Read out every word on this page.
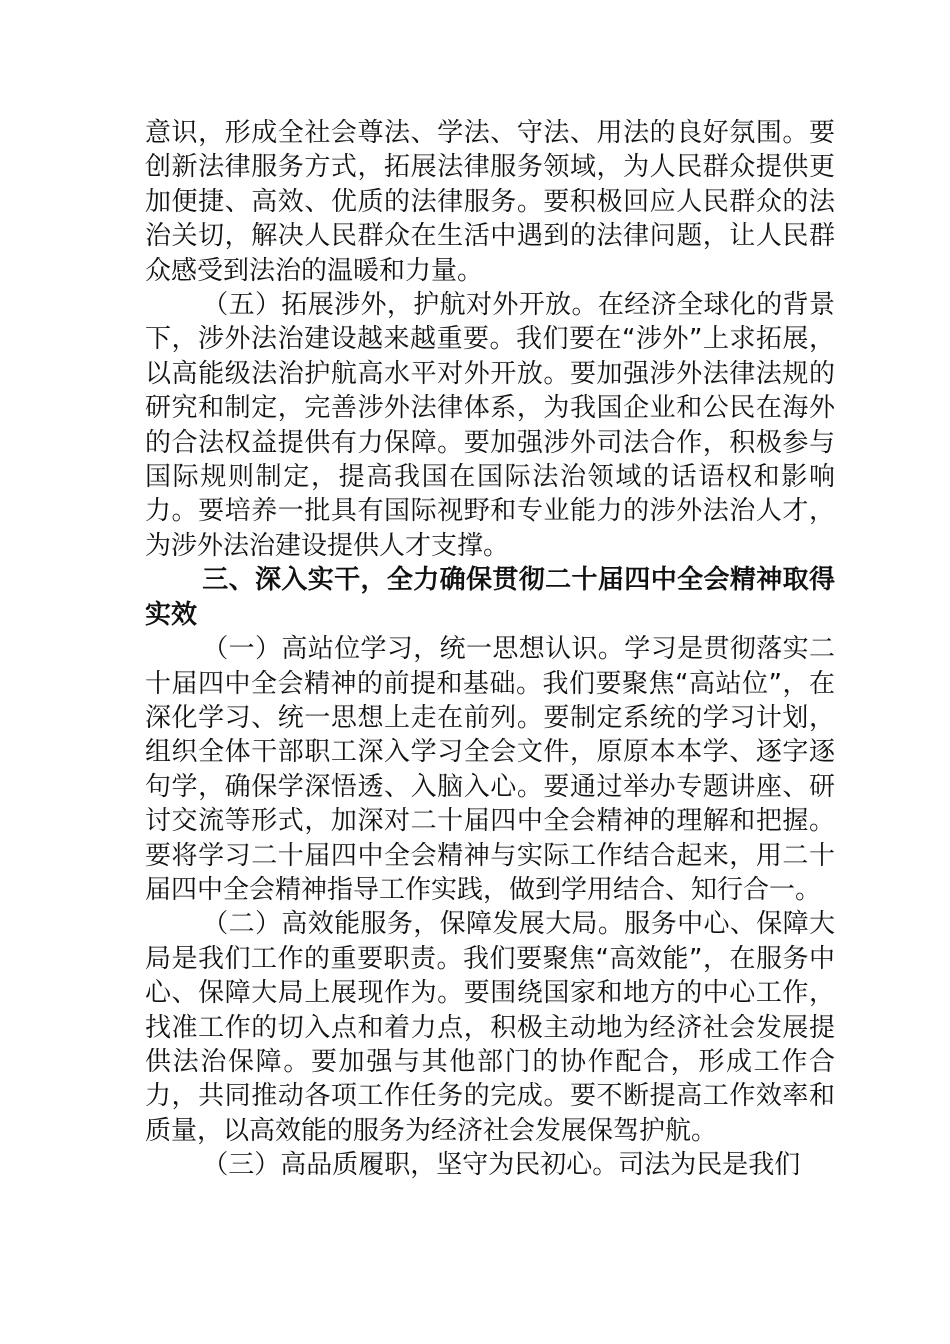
意识，形成全社会尊法、学法、守法、用法的良好氛围。要创新法律服务方式，拓展法律服务领域，为人民群众提供更加便捷、高效、优质的法律服务。要积极回应人民群众的法治关切，解决人民群众在生活中遇到的法律问题，让人民群众感受到法治的温暖和力量。

（五）拓展涉外，护航对外开放。在经济全球化的背景下，涉外法治建设越来越重要。我们要在“涉外”上求拓展，以高能级法治护航高水平对外开放。要加强涉外法律法规的研究和制定，完善涉外法律体系，为我国企业和公民在海外的合法权益提供有力保障。要加强涉外司法合作，积极参与国际规则制定，提高我国在国际法治领域的话语权和影响力。要培养一批具有国际视野和专业能力的涉外法治人才，为涉外法治建设提供人才支撑。

三、深入实干，全力确保贯彻二十届四中全会精神取得实效

（一）高站位学习，统一思想认识。学习是贯彻落实二十届四中全会精神的前提和基础。我们要聚焦“高站位”，在深化学习、统一思想上走在前列。要制定系统的学习计划，组织全体干部职工深入学习全会文件，原原本本学、逐字逐句学，确保学深悟透、入脑入心。要通过举办专题讲座、研讨交流等形式，加深对二十届四中全会精神的理解和把握。要将学习二十届四中全会精神与实际工作结合起来，用二十届四中全会精神指导工作实践，做到学用结合、知行合一。

（二）高效能服务，保障发展大局。服务中心、保障大局是我们工作的重要职责。我们要聚焦“高效能”，在服务中心、保障大局上展现作为。要围绕国家和地方的中心工作，找准工作的切入点和着力点，积极主动地为经济社会发展提供法治保障。要加强与其他部门的协作配合，形成工作合力，共同推动各项工作任务的完成。要不断提高工作效率和质量，以高效能的服务为经济社会发展保驾护航。

（三）高品质履职，坚守为民初心。司法为民是我们
